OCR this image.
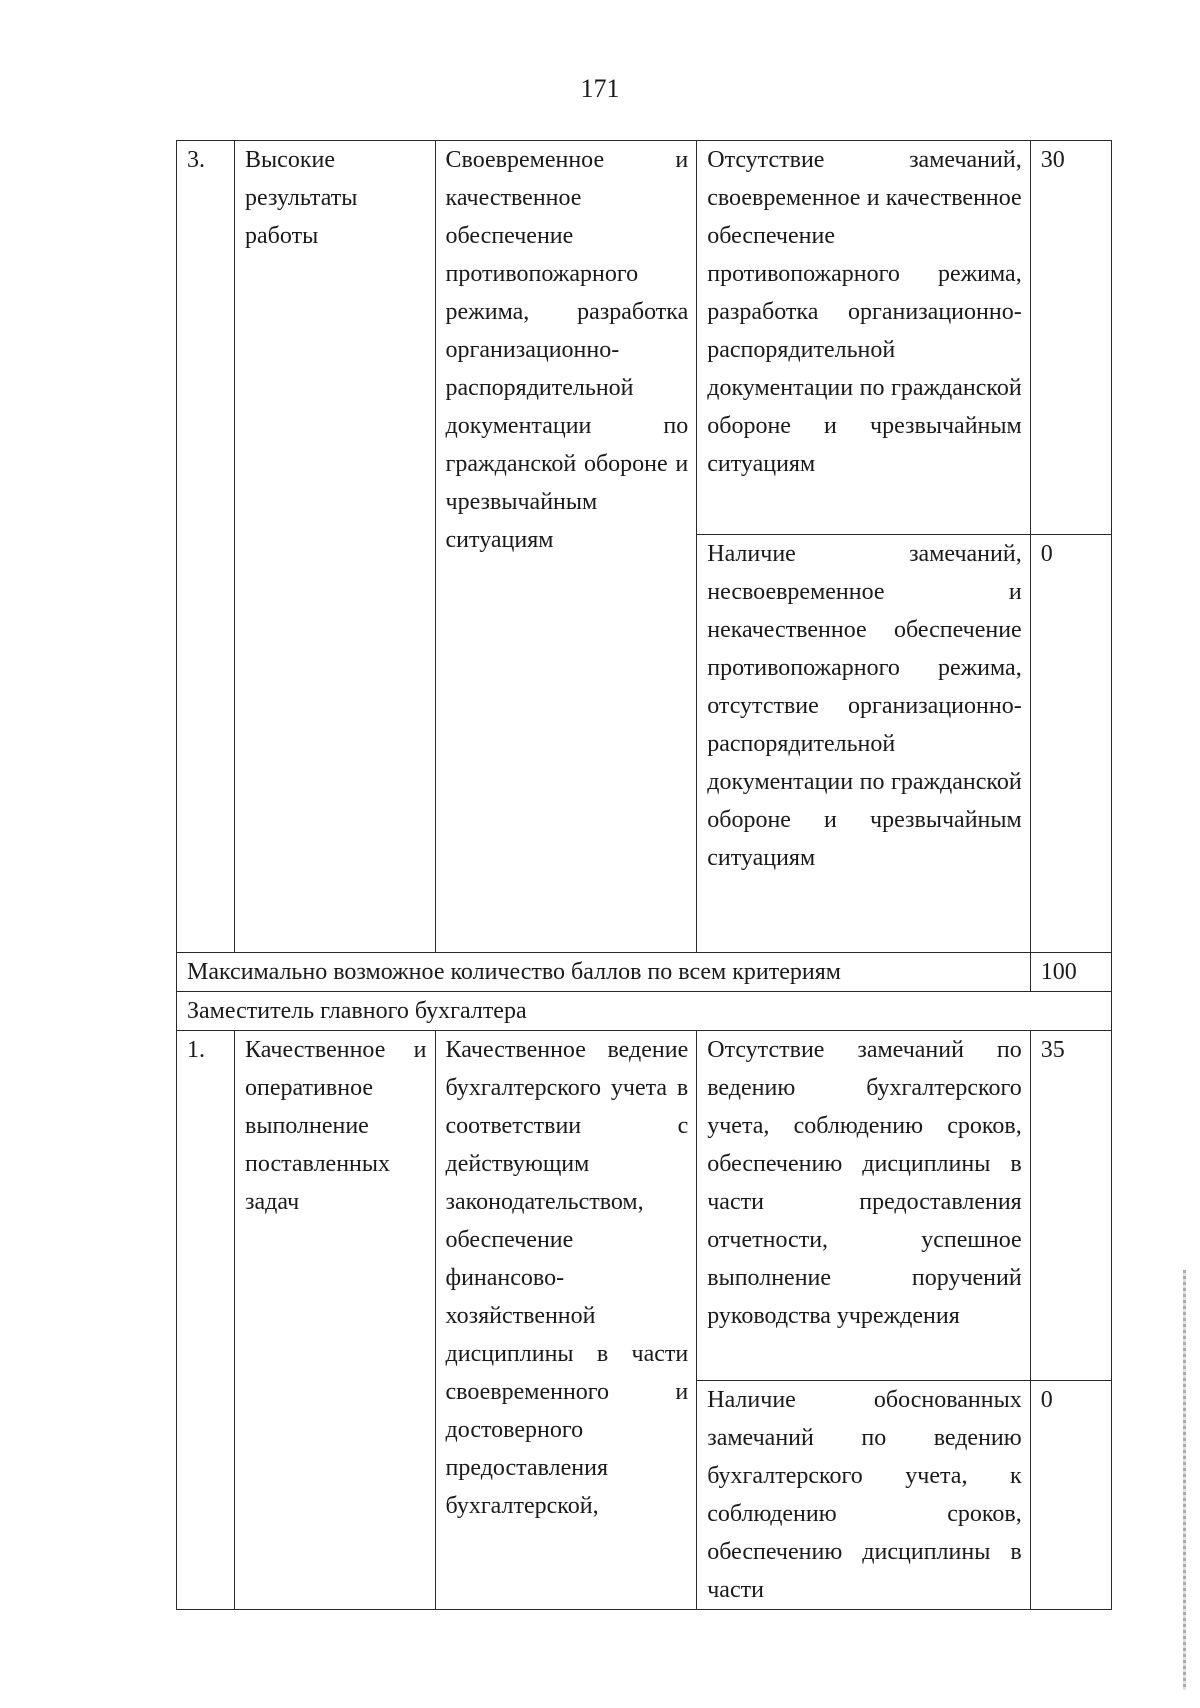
171
3.	Высокие результаты работы	Своевременное и качественное обеспечение противопожарного режима, разработка организационно-распорядительной документации по гражданской обороне и чрезвычайным ситуациям	Отсутствие замечаний, своевременное и качественное обеспечение противопожарного режима, разработка организационно-распорядительной документации по гражданской обороне и чрезвычайным ситуациям	30
			Наличие замечаний, несвоевременное и некачественное обеспечение противопожарного режима, отсутствие организационно-распорядительной документации по гражданской обороне и чрезвычайным ситуациям	0
Максимально возможное количество баллов по всем критериям				100
Заместитель главного бухгалтера				
1.	Качественное и оперативное выполнение поставленных задач	Качественное ведение бухгалтерского учета в соответствии с действующим законодательством, обеспечение финансово-хозяйственной дисциплины в части своевременного и достоверного предоставления бухгалтерской,	Отсутствие замечаний по ведению бухгалтерского учета, соблюдению сроков, обеспечению дисциплины в части предоставления отчетности, успешное выполнение поручений руководства учреждения	35
			Наличие обоснованных замечаний по ведению бухгалтерского учета, к соблюдению сроков, обеспечению дисциплины в части	0
